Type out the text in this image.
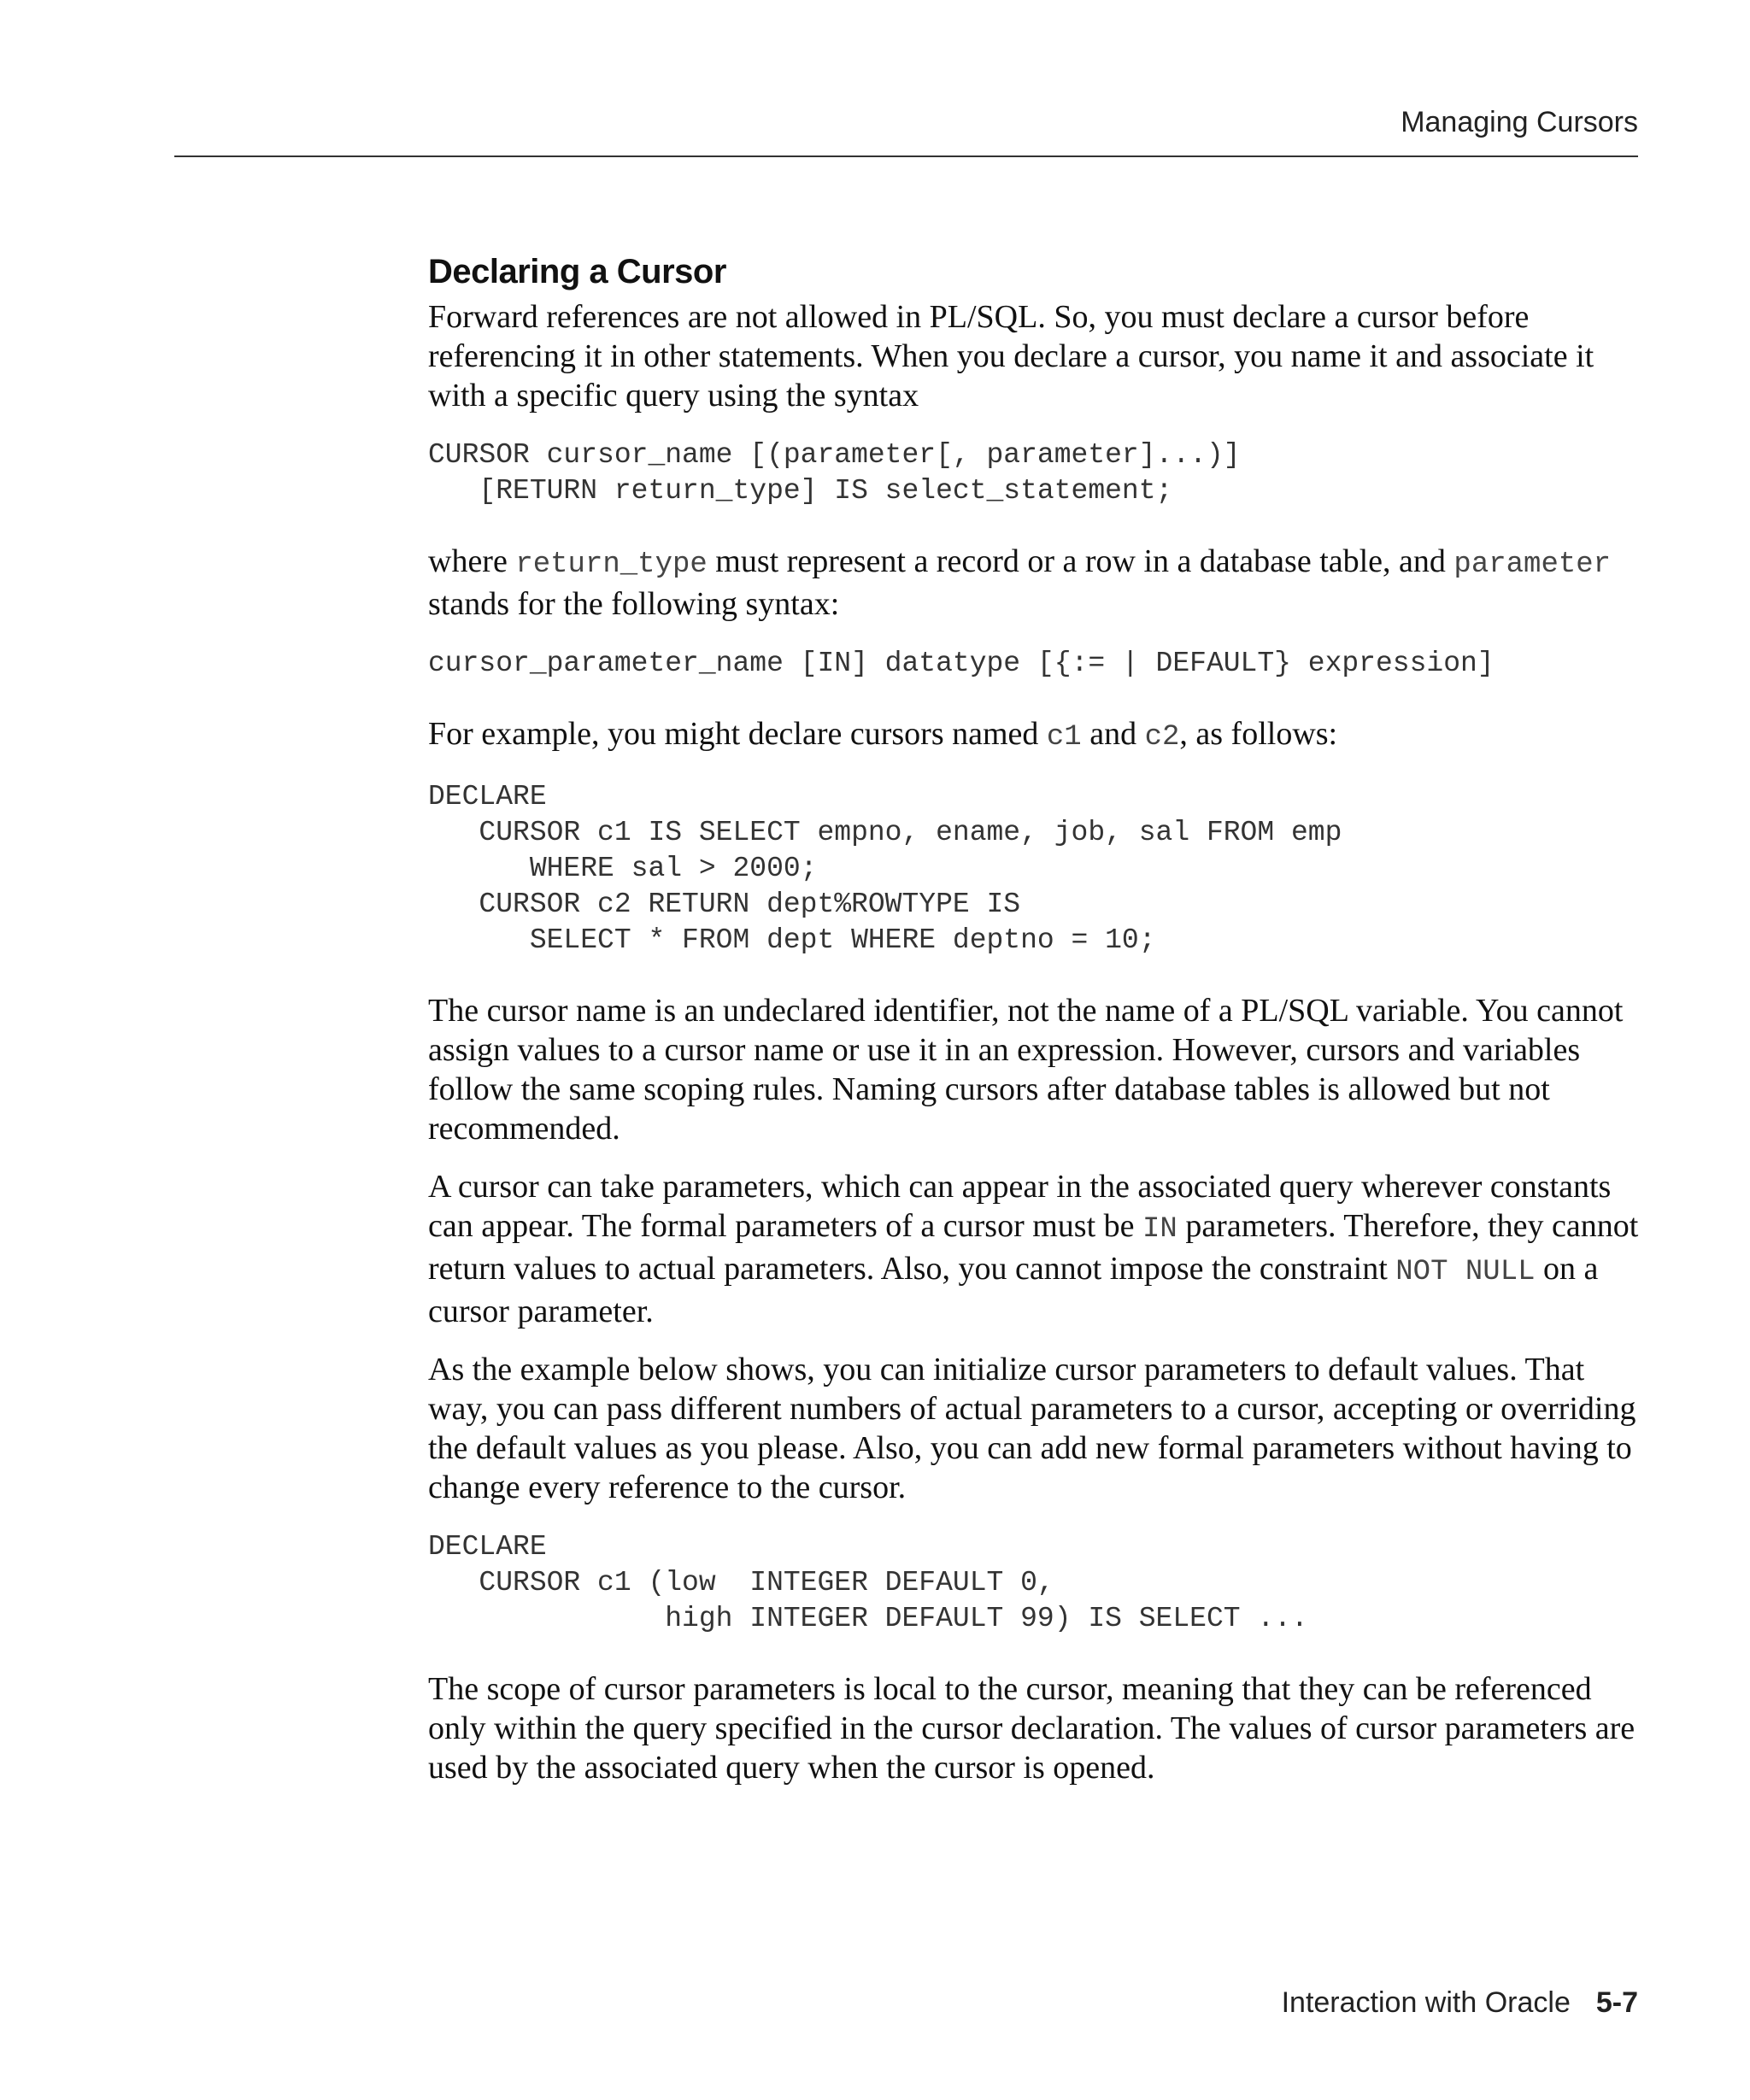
Managing Cursors
Declaring a Cursor

Forward references are not allowed in PL/SQL. So, you must declare a cursor before referencing it in other statements. When you declare a cursor, you name it and associate it with a specific query using the syntax

CURSOR cursor_name [(parameter[, parameter]...)]
[RETURN return_type] IS select_statement;

where return_type must represent a record or a row in a database table, and parameter stands for the following syntax:

cursor_parameter_name [IN] datatype [{:= | DEFAULT} expression]

For example, you might declare cursors named c1 and c2, as follows:

DECLARE
CURSOR c1 IS SELECT empno, ename, job, sal FROM emp
WHERE sal > 2000;
CURSOR c2 RETURN dept%ROWTYPE IS
SELECT * FROM dept WHERE deptno = 10;

The cursor name is an undeclared identifier, not the name of a PL/SQL variable. You cannot assign values to a cursor name or use it in an expression. However, cursors and variables follow the same scoping rules. Naming cursors after database tables is allowed but not recommended.

A cursor can take parameters, which can appear in the associated query wherever constants can appear. The formal parameters of a cursor must be IN parameters. Therefore, they cannot return values to actual parameters. Also, you cannot impose the constraint NOT NULL on a cursor parameter.

As the example below shows, you can initialize cursor parameters to default values. That way, you can pass different numbers of actual parameters to a cursor, accepting or overriding the default values as you please. Also, you can add new formal parameters without having to change every reference to the cursor.

DECLARE
CURSOR c1 (low  INTEGER DEFAULT 0,
high INTEGER DEFAULT 99) IS SELECT ...

The scope of cursor parameters is local to the cursor, meaning that they can be referenced only within the query specified in the cursor declaration. The values of cursor parameters are used by the associated query when the cursor is opened.

Interaction with Oracle 5-7
